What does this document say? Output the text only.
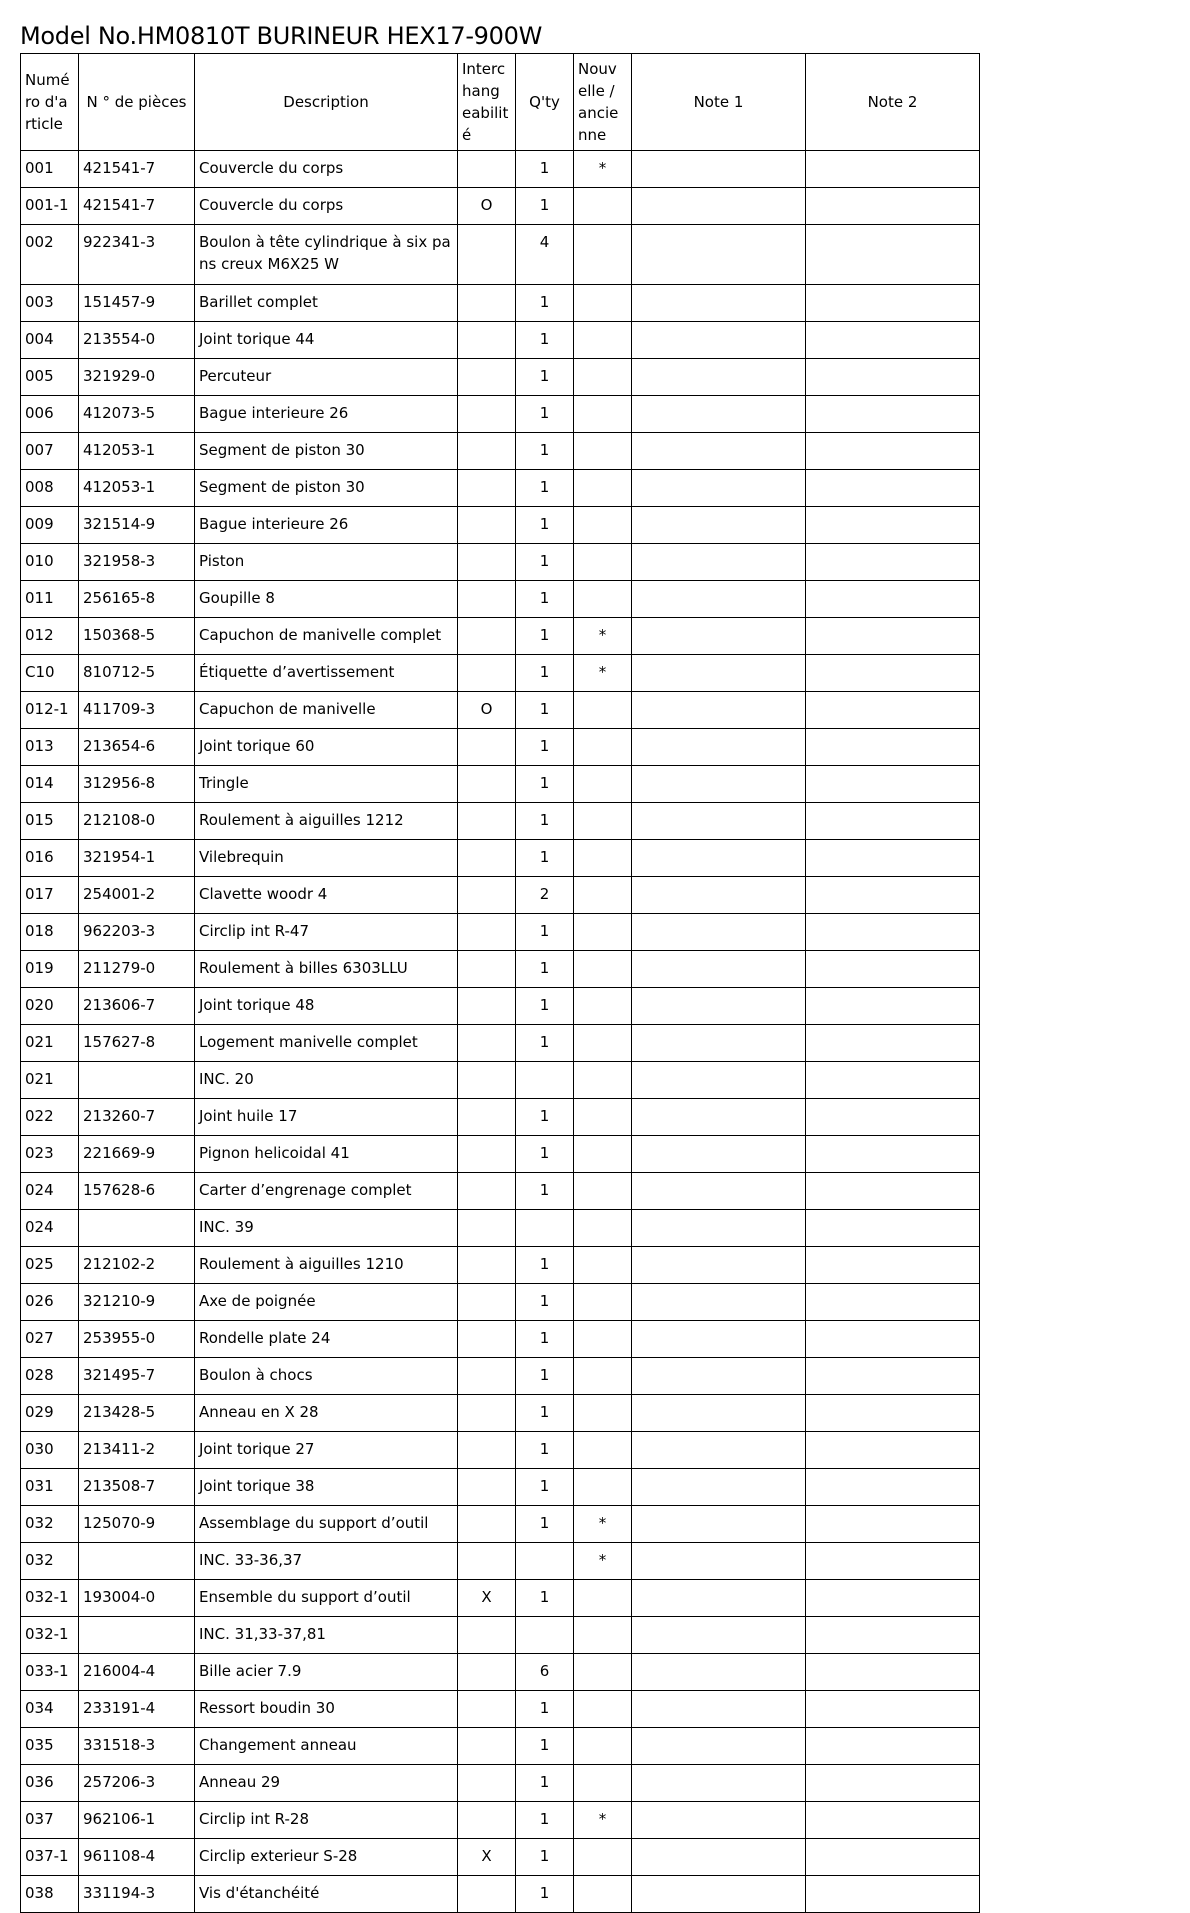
Model No.HM0810T BURINEUR HEX17-900W
Numé ro d'a rticle	N ° de pièces	Description	Interc hang eabilit é	Q'ty	Nouv elle / ancie nne	Note 1	Note 2
001	421541-7	Couvercle du corps		1	*		
001-1	421541-7	Couvercle du corps	O	1			
002	922341-3	Boulon à tête cylindrique à six pans creux M6X25 W		4			
003	151457-9	Barillet complet		1			
004	213554-0	Joint torique 44		1			
005	321929-0	Percuteur		1			
006	412073-5	Bague interieure 26		1			
007	412053-1	Segment de piston 30		1			
008	412053-1	Segment de piston 30		1			
009	321514-9	Bague interieure 26		1			
010	321958-3	Piston		1			
011	256165-8	Goupille 8		1			
012	150368-5	Capuchon de manivelle complet		1	*		
C10	810712-5	Étiquette d’avertissement		1	*		
012-1	411709-3	Capuchon de manivelle	O	1			
013	213654-6	Joint torique 60		1			
014	312956-8	Tringle		1			
015	212108-0	Roulement à aiguilles 1212		1			
016	321954-1	Vilebrequin		1			
017	254001-2	Clavette woodr 4		2			
018	962203-3	Circlip int R-47		1			
019	211279-0	Roulement à billes 6303LLU		1			
020	213606-7	Joint torique 48		1			
021	157627-8	Logement manivelle complet		1			
021		INC. 20					
022	213260-7	Joint huile 17		1			
023	221669-9	Pignon helicoidal 41		1			
024	157628-6	Carter d’engrenage complet		1			
024		INC. 39					
025	212102-2	Roulement à aiguilles 1210		1			
026	321210-9	Axe de poignée		1			
027	253955-0	Rondelle plate 24		1			
028	321495-7	Boulon à chocs		1			
029	213428-5	Anneau en X 28		1			
030	213411-2	Joint torique 27		1			
031	213508-7	Joint torique 38		1			
032	125070-9	Assemblage du support d’outil		1	*		
032		INC. 33-36,37			*		
032-1	193004-0	Ensemble du support d’outil	X	1			
032-1		INC. 31,33-37,81					
033-1	216004-4	Bille acier 7.9		6			
034	233191-4	Ressort boudin 30		1			
035	331518-3	Changement anneau		1			
036	257206-3	Anneau 29		1			
037	962106-1	Circlip int R-28		1	*		
037-1	961108-4	Circlip exterieur S-28	X	1			
038	331194-3	Vis d'étanchéité		1			
